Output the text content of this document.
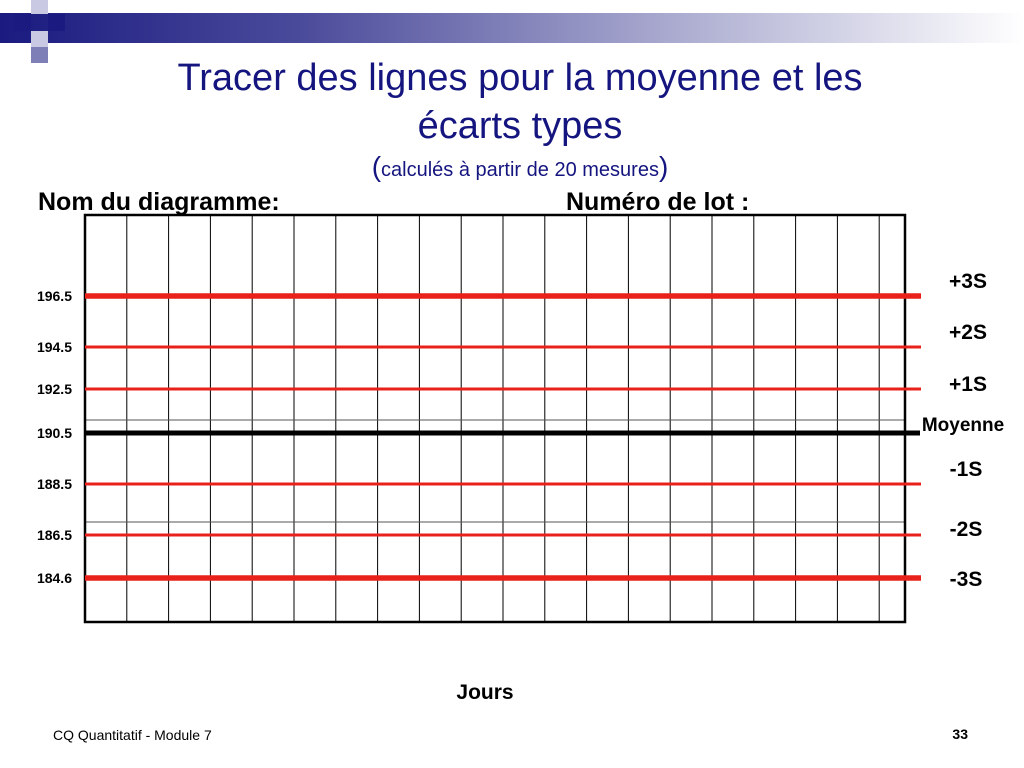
Tracer des lignes pour la moyenne et les
écarts types
(calculés à partir de 20 mesures)
Nom du diagramme:	Numéro de lot :
196.5
+3S
194.5
+2S
192.5	+1S
190.5	Moyenne
188.5
-1S
186.5	-2S
184.6	-3S
Jours
CQ Quantitatif - Module 7	33
